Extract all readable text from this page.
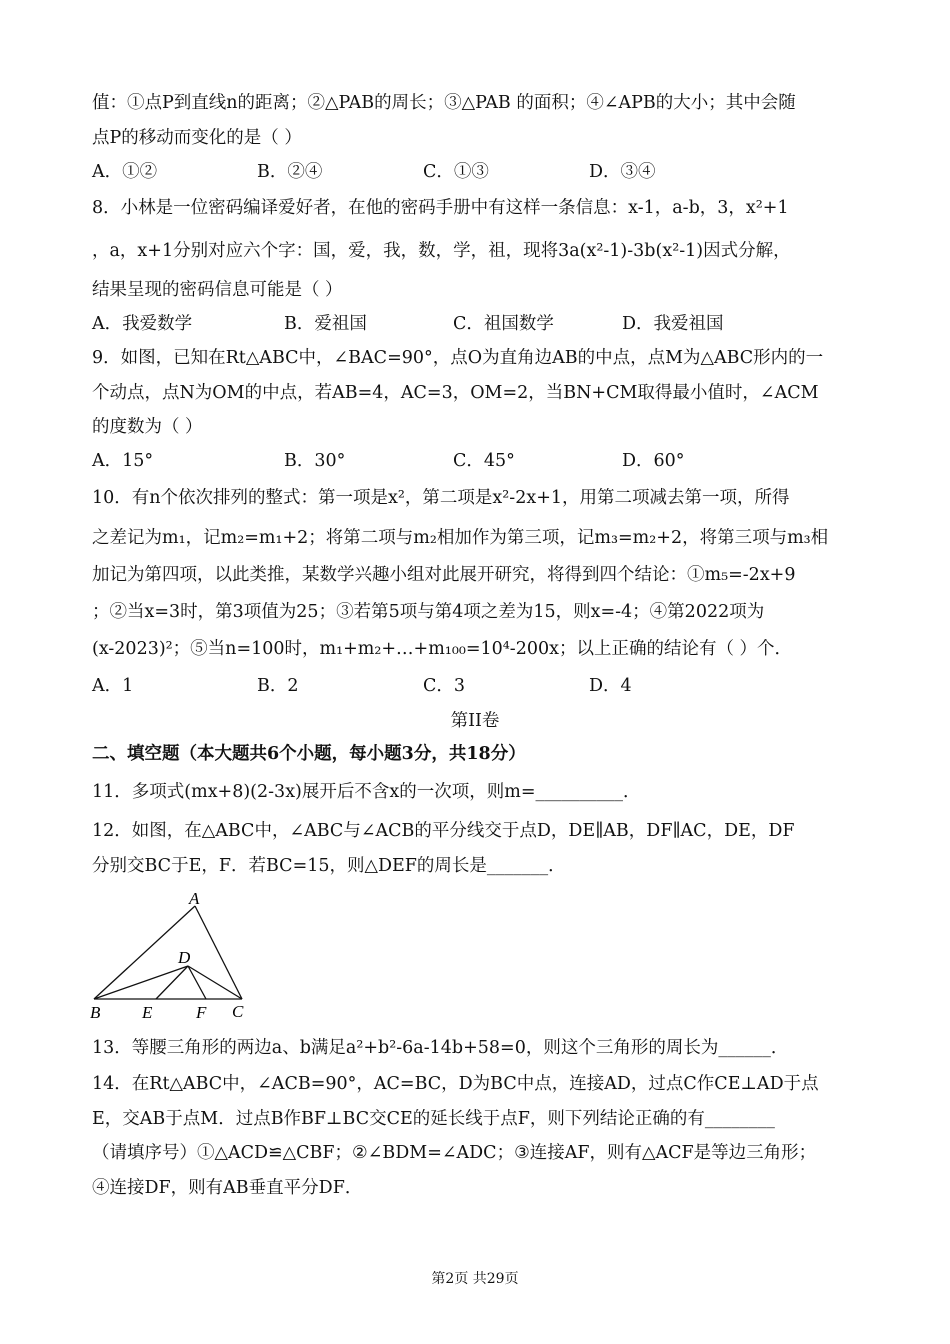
值：①点P到直线n的距离；②△PAB的周长；③△PAB 的面积；④∠APB的大小；其中会随
点P的移动而变化的是（ ）
A．①②	B．②④	C．①③	D．③④
8．小林是一位密码编译爱好者，在他的密码手册中有这样一条信息：x-1，a-b，3，x²+1
，a，x+1分别对应六个字：国，爱，我，数，学，祖，现将3a(x²-1)-3b(x²-1)因式分解，
结果呈现的密码信息可能是（ ）
A．我爱数学	B．爱祖国	C．祖国数学	D．我爱祖国
9．如图，已知在Rt△ABC中，∠BAC=90°，点O为直角边AB的中点，点M为△ABC形内的一
个动点，点N为OM的中点，若AB=4，AC=3，OM=2，当BN+CM取得最小值时，∠ACM
的度数为（ ）
A．15°	B．30°	C．45°	D．60°
10．有n个依次排列的整式：第一项是x²，第二项是x²-2x+1，用第二项减去第一项，所得
之差记为m₁，记m₂=m₁+2；将第二项与m₂相加作为第三项，记m₃=m₂+2，将第三项与m₃相
加记为第四项，以此类推，某数学兴趣小组对此展开研究，将得到四个结论：①m₅=-2x+9
；②当x=3时，第3项值为25；③若第5项与第4项之差为15，则x=-4；④第2022项为
(x-2023)²；⑤当n=100时，m₁+m₂+…+m₁₀₀=10⁴-200x；以上正确的结论有（ ）个．
A．1	B．2	C．3	D．4
第II卷
二、填空题（本大题共6个小题，每小题3分，共18分）
11．多项式(mx+8)(2-3x)展开后不含x的一次项，则m=__________．
12．如图，在△ABC中，∠ABC与∠ACB的平分线交于点D，DE∥AB，DF∥AC，DE，DF
分别交BC于E，F．若BC=15，则△DEF的周长是_______．
A
B	C
D
E	F
13．等腰三角形的两边a、b满足a²+b²-6a-14b+58=0，则这个三角形的周长为______．
14．在Rt△ABC中，∠ACB=90°，AC=BC，D为BC中点，连接AD，过点C作CE⊥AD于点
E，交AB于点M．过点B作BF⊥BC交CE的延长线于点F，则下列结论正确的有________
（请填序号）①△ACD≌△CBF；②∠BDM=∠ADC；③连接AF，则有△ACF是等边三角形；
④连接DF，则有AB垂直平分DF．
第2页 共29页
